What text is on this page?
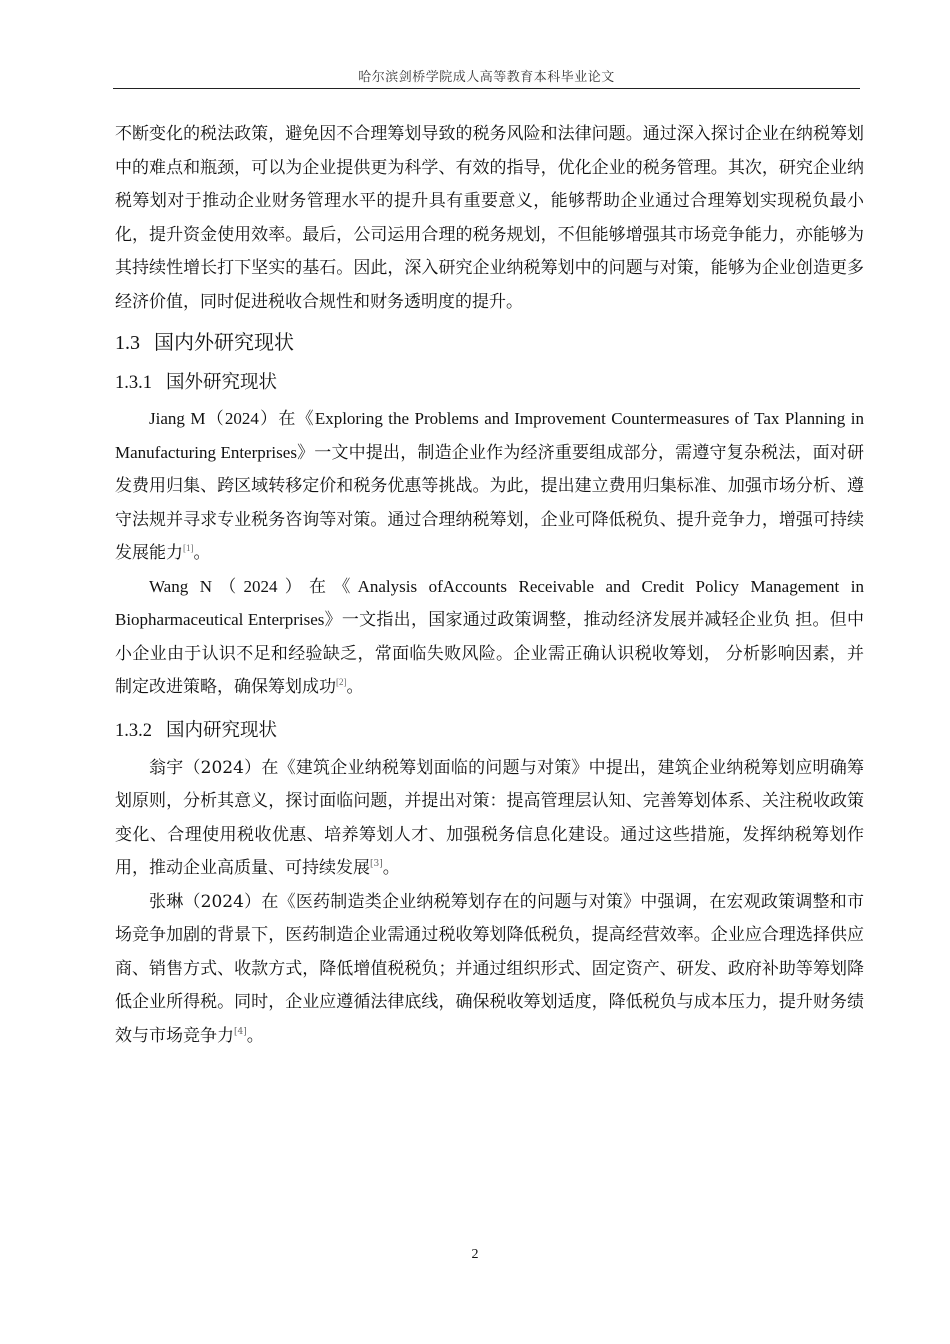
哈尔滨剑桥学院成人高等教育本科毕业论文

不断变化的税法政策，避免因不合理筹划导致的税务风险和法律问题。通过深入探讨企业在纳税筹划中的难点和瓶颈，可以为企业提供更为科学、有效的指导，优化企业的税务管理。其次，研究企业纳税筹划对于推动企业财务管理水平的提升具有重要意义，能够帮助企业通过合理筹划实现税负最小化，提升资金使用效率。最后，公司运用合理的税务规划，不但能够增强其市场竞争能力，亦能够为其持续性增长打下坚实的基石。因此，深入研究企业纳税筹划中的问题与对策，能够为企业创造更多经济价值，同时促进税收合规性和财务透明度的提升。

1.3 国内外研究现状
1.3.1 国外研究现状

Jiang M（2024）在《Exploring the Problems and Improvement Countermeasures of Tax Planning in Manufacturing Enterprises》一文中提出，制造企业作为经济重要组成部分，需遵守复杂税法，面对研发费用归集、跨区域转移定价和税务优惠等挑战。为此，提出建立费用归集标准、加强市场分析、遵守法规并寻求专业税务咨询等对策。通过合理纳税筹划，企业可降低税负、提升竞争力，增强可持续发展能力[1]。

Wang N（2024）在《Analysis ofAccounts Receivable and Credit Policy Management in Biopharmaceutical Enterprises》一文指出，国家通过政策调整，推动经济发展并减轻企业负 担。但中小企业由于认识不足和经验缺乏，常面临失败风险。企业需正确认识税收筹划， 分析影响因素，并制定改进策略，确保筹划成功[2]。

1.3.2 国内研究现状

翁宇（2024）在《建筑企业纳税筹划面临的问题与对策》中提出，建筑企业纳税筹划应明确筹划原则，分析其意义，探讨面临问题，并提出对策：提高管理层认知、完善筹划体系、关注税收政策变化、合理使用税收优惠、培养筹划人才、加强税务信息化建设。通过这些措施，发挥纳税筹划作用，推动企业高质量、可持续发展[3]。

张琳（2024）在《医药制造类企业纳税筹划存在的问题与对策》中强调，在宏观政策调整和市场竞争加剧的背景下，医药制造企业需通过税收筹划降低税负，提高经营效率。企业应合理选择供应商、销售方式、收款方式，降低增值税税负；并通过组织形式、固定资产、研发、政府补助等筹划降低企业所得税。同时，企业应遵循法律底线，确保税收筹划适度，降低税负与成本压力，提升财务绩效与市场竞争力[4]。

2
